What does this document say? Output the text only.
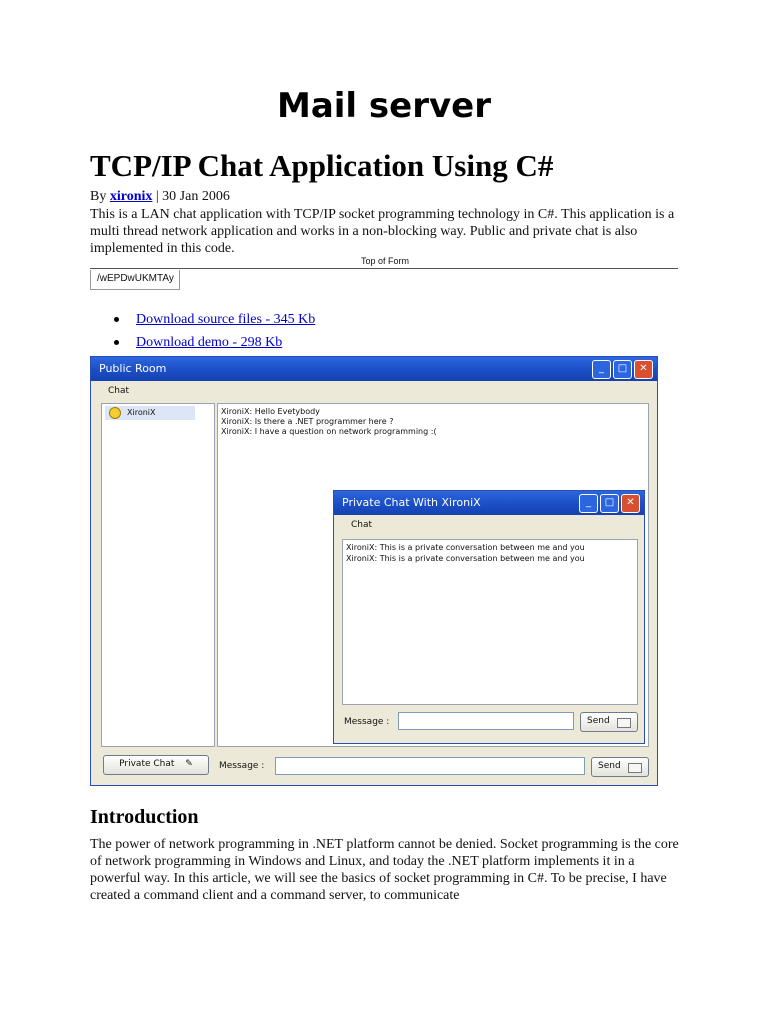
Mail server
TCP/IP Chat Application Using C#
By xironix | 30 Jan 2006
This is a LAN chat application with TCP/IP socket programming technology in C#. This application is a multi thread network application and works in a non-blocking way. Public and private chat is also implemented in this code.
Top of Form
/wEPDwUKMTAy
Download source files - 345 Kb
Download demo - 298 Kb
Public Room	_	□	✕
Chat
XironiX	XironiX: Hello Evetybody
XironiX: Is there a .NET programmer here ?
XironiX: I have a question on network programming :(
Private Chat ✎	Message :	Send
Private Chat With XironiX	_	□	✕
Chat
XironiX: This is a private conversation between me and you
XironiX: This is a private conversation between me and you
Message :	Send
Introduction
The power of network programming in .NET platform cannot be denied. Socket programming is the core of network programming in Windows and Linux, and today the .NET platform implements it in a powerful way. In this article, we will see the basics of socket programming in C#. To be precise, I have created a command client and a command server, to communicate
